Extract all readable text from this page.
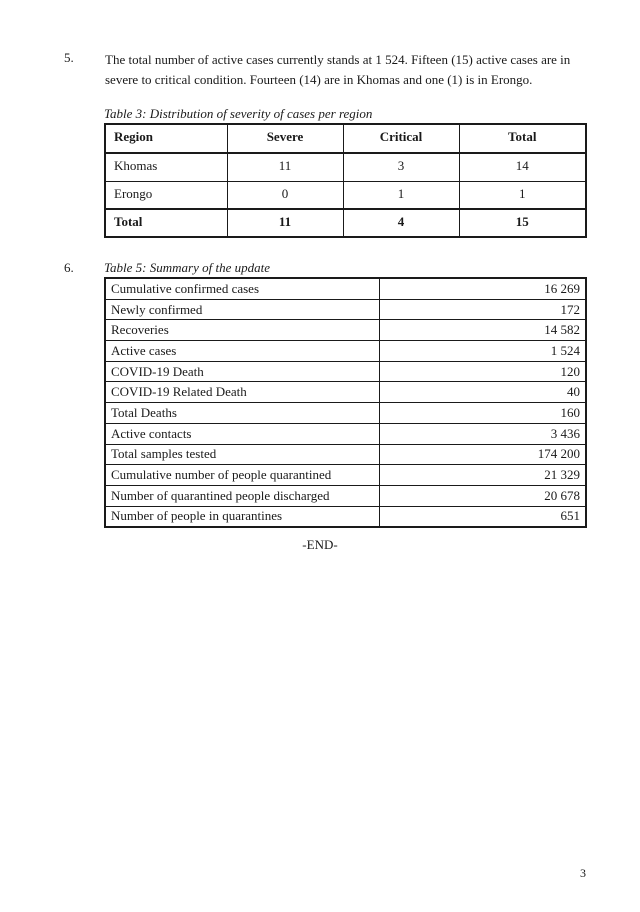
5. The total number of active cases currently stands at 1 524. Fifteen (15) active cases are in severe to critical condition. Fourteen (14) are in Khomas and one (1) is in Erongo.
Table 3: Distribution of severity of cases per region
Region	Severe	Critical	Total
Khomas	11	3	14
Erongo	0	1	1
Total	11	4	15
6. Table 5: Summary of the update
Cumulative confirmed cases	16 269
Newly confirmed	172
Recoveries	14 582
Active cases	1 524
COVID-19 Death	120
COVID-19 Related Death	40
Total Deaths	160
Active contacts	3 436
Total samples tested	174 200
Cumulative number of people quarantined	21 329
Number of quarantined people discharged	20 678
Number of people in quarantines	651
-END-
3
